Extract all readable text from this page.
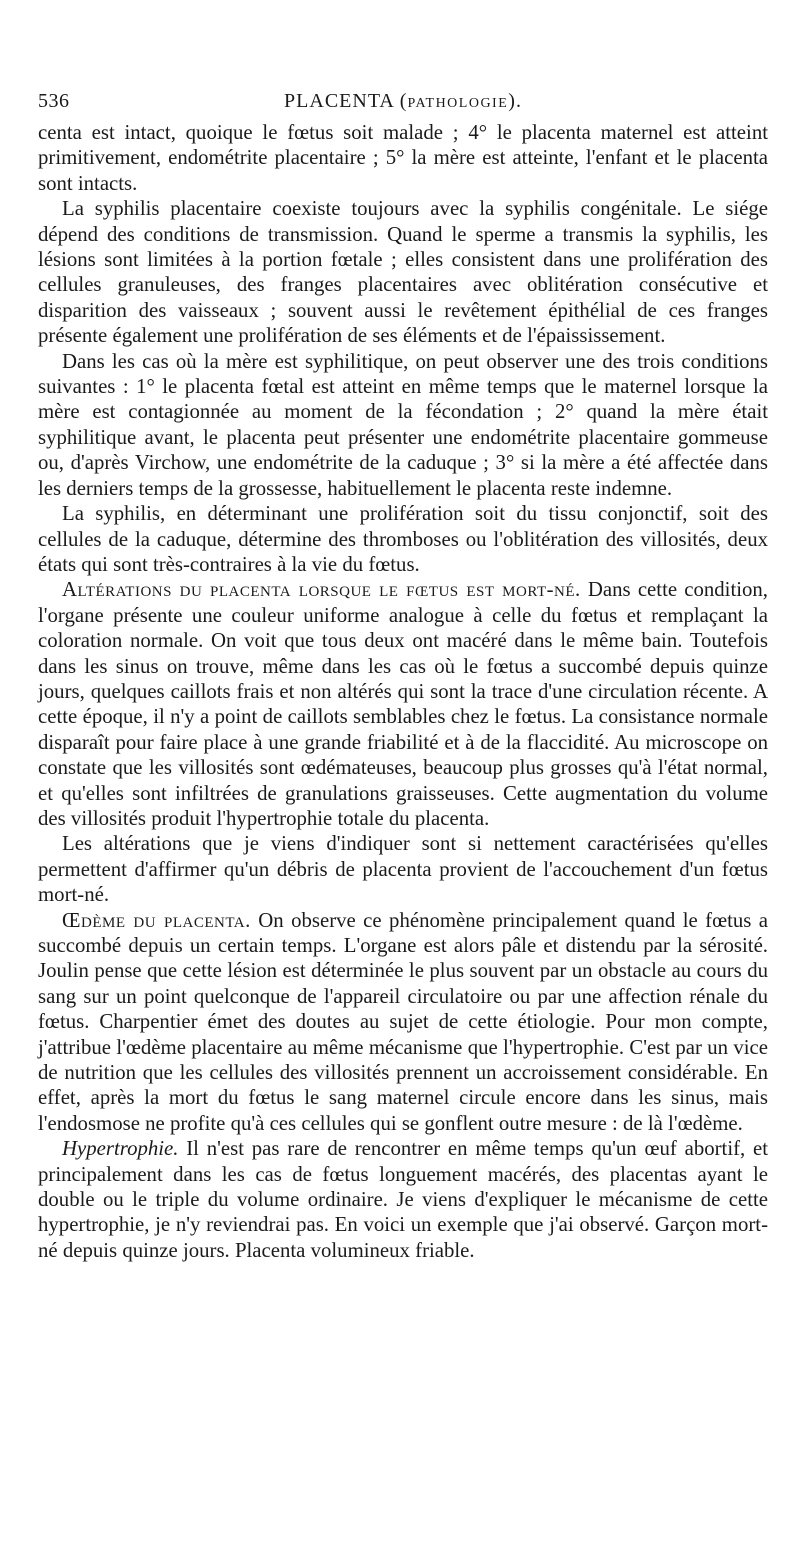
536	PLACENTA (PATHOLOGIE).

centa est intact, quoique le fœtus soit malade ; 4° le placenta maternel est atteint primitivement, endométrite placentaire ; 5° la mère est atteinte, l'enfant et le placenta sont intacts.

La syphilis placentaire coexiste toujours avec la syphilis congénitale. Le siége dépend des conditions de transmission. Quand le sperme a transmis la syphilis, les lésions sont limitées à la portion fœtale ; elles consistent dans une prolifération des cellules granuleuses, des franges placentaires avec oblitération consécutive et disparition des vaisseaux ; souvent aussi le revêtement épithélial de ces franges présente également une prolifération de ses éléments et de l'épaississement.

Dans les cas où la mère est syphilitique, on peut observer une des trois conditions suivantes : 1° le placenta fœtal est atteint en même temps que le maternel lorsque la mère est contagionnée au moment de la fécondation ; 2° quand la mère était syphilitique avant, le placenta peut présenter une endométrite placentaire gommeuse ou, d'après Virchow, une endométrite de la caduque ; 3° si la mère a été affectée dans les derniers temps de la grossesse, habituellement le placenta reste indemne.

La syphilis, en déterminant une prolifération soit du tissu conjonctif, soit des cellules de la caduque, détermine des thromboses ou l'oblitération des villosités, deux états qui sont très-contraires à la vie du fœtus.

Altérations du placenta lorsque le fœtus est mort-né. Dans cette condition, l'organe présente une couleur uniforme analogue à celle du fœtus et remplaçant la coloration normale. On voit que tous deux ont macéré dans le même bain. Toutefois dans les sinus on trouve, même dans les cas où le fœtus a succombé depuis quinze jours, quelques caillots frais et non altérés qui sont la trace d'une circulation récente. A cette époque, il n'y a point de caillots semblables chez le fœtus. La consistance normale disparaît pour faire place à une grande friabilité et à de la flaccidité. Au microscope on constate que les villosités sont œdémateuses, beaucoup plus grosses qu'à l'état normal, et qu'elles sont infiltrées de granulations graisseuses. Cette augmentation du volume des villosités produit l'hypertrophie totale du placenta.

Les altérations que je viens d'indiquer sont si nettement caractérisées qu'elles permettent d'affirmer qu'un débris de placenta provient de l'accouchement d'un fœtus mort-né.

Œdème du placenta. On observe ce phénomène principalement quand le fœtus a succombé depuis un certain temps. L'organe est alors pâle et distendu par la sérosité. Joulin pense que cette lésion est déterminée le plus souvent par un obstacle au cours du sang sur un point quelconque de l'appareil circulatoire ou par une affection rénale du fœtus. Charpentier émet des doutes au sujet de cette étiologie. Pour mon compte, j'attribue l'œdème placentaire au même mécanisme que l'hypertrophie. C'est par un vice de nutrition que les cellules des villosités prennent un accroissement considérable. En effet, après la mort du fœtus le sang maternel circule encore dans les sinus, mais l'endosmose ne profite qu'à ces cellules qui se gonflent outre mesure : de là l'œdème.

Hypertrophie. Il n'est pas rare de rencontrer en même temps qu'un œuf abortif, et principalement dans les cas de fœtus longuement macérés, des placentas ayant le double ou le triple du volume ordinaire. Je viens d'expliquer le mécanisme de cette hypertrophie, je n'y reviendrai pas. En voici un exemple que j'ai observé. Garçon mort-né depuis quinze jours. Placenta volumineux friable.
